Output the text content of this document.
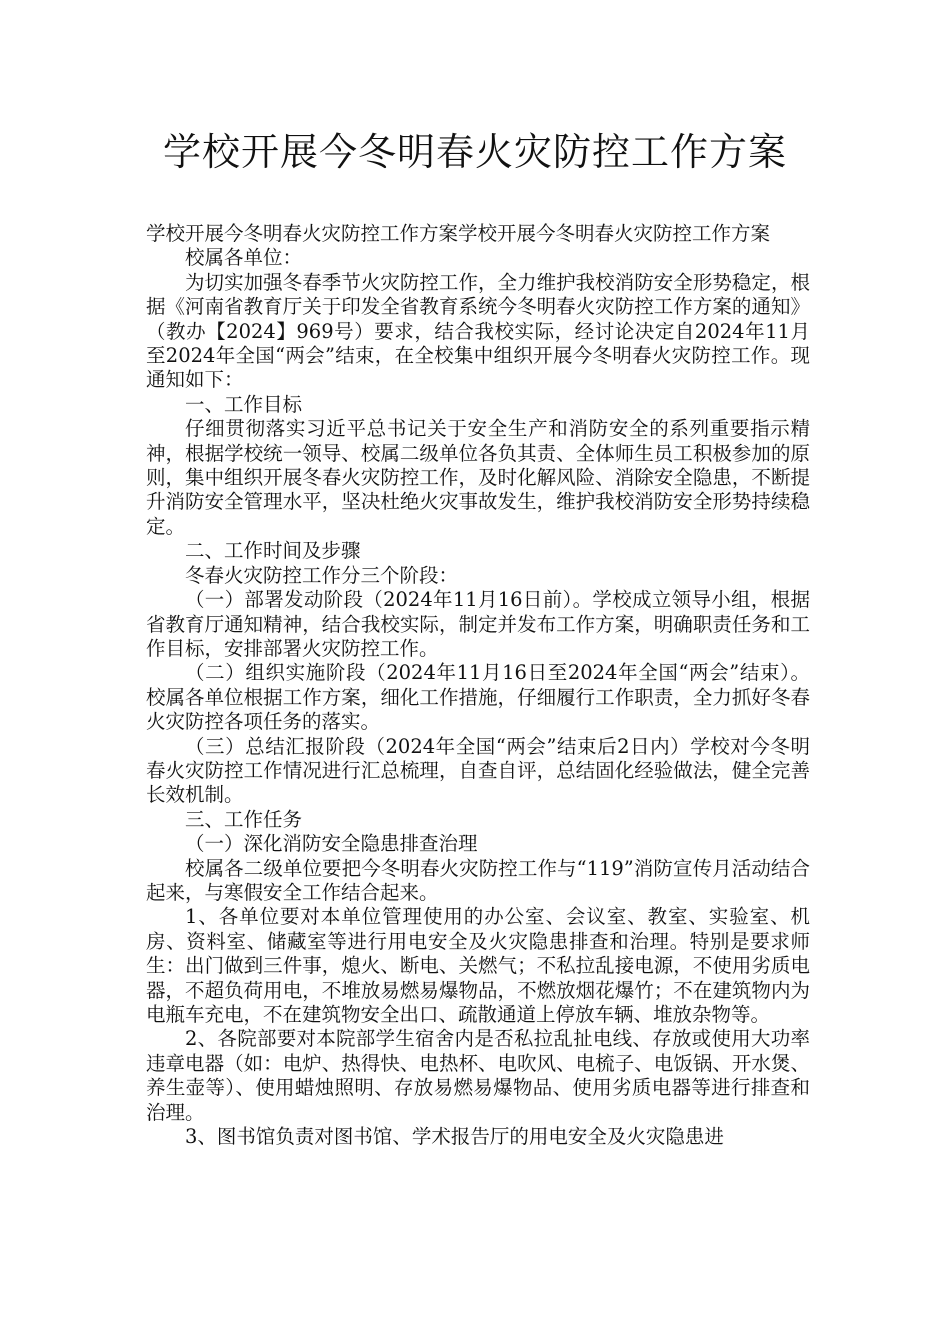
学校开展今冬明春火灾防控工作方案

学校开展今冬明春火灾防控工作方案学校开展今冬明春火灾防控工作方案

校属各单位：

为切实加强冬春季节火灾防控工作，全力维护我校消防安全形势稳定，根据《河南省教育厅关于印发全省教育系统今冬明春火灾防控工作方案的通知》（教办【2024】969号）要求，结合我校实际，经讨论决定自2024年11月至2024年全国“两会”结束，在全校集中组织开展今冬明春火灾防控工作。现通知如下：

一、工作目标

仔细贯彻落实习近平总书记关于安全生产和消防安全的系列重要指示精神，根据学校统一领导、校属二级单位各负其责、全体师生员工积极参加的原则，集中组织开展冬春火灾防控工作，及时化解风险、消除安全隐患，不断提升消防安全管理水平，坚决杜绝火灾事故发生，维护我校消防安全形势持续稳定。

二、工作时间及步骤

冬春火灾防控工作分三个阶段：

（一）部署发动阶段（2024年11月16日前）。学校成立领导小组，根据省教育厅通知精神，结合我校实际，制定并发布工作方案，明确职责任务和工作目标，安排部署火灾防控工作。

（二）组织实施阶段（2024年11月16日至2024年全国“两会”结束）。校属各单位根据工作方案，细化工作措施，仔细履行工作职责，全力抓好冬春火灾防控各项任务的落实。

（三）总结汇报阶段（2024年全国“两会”结束后2日内）学校对今冬明春火灾防控工作情况进行汇总梳理，自查自评，总结固化经验做法，健全完善长效机制。

三、工作任务

（一）深化消防安全隐患排查治理

校属各二级单位要把今冬明春火灾防控工作与“119”消防宣传月活动结合起来，与寒假安全工作结合起来。

1、各单位要对本单位管理使用的办公室、会议室、教室、实验室、机房、资料室、储藏室等进行用电安全及火灾隐患排查和治理。特别是要求师生：出门做到三件事，熄火、断电、关燃气；不私拉乱接电源，不使用劣质电器，不超负荷用电，不堆放易燃易爆物品，不燃放烟花爆竹；不在建筑物内为电瓶车充电，不在建筑物安全出口、疏散通道上停放车辆、堆放杂物等。

2、各院部要对本院部学生宿舍内是否私拉乱扯电线、存放或使用大功率违章电器（如：电炉、热得快、电热杯、电吹风、电梳子、电饭锅、开水煲、养生壶等）、使用蜡烛照明、存放易燃易爆物品、使用劣质电器等进行排查和治理。

3、图书馆负责对图书馆、学术报告厅的用电安全及火灾隐患进
